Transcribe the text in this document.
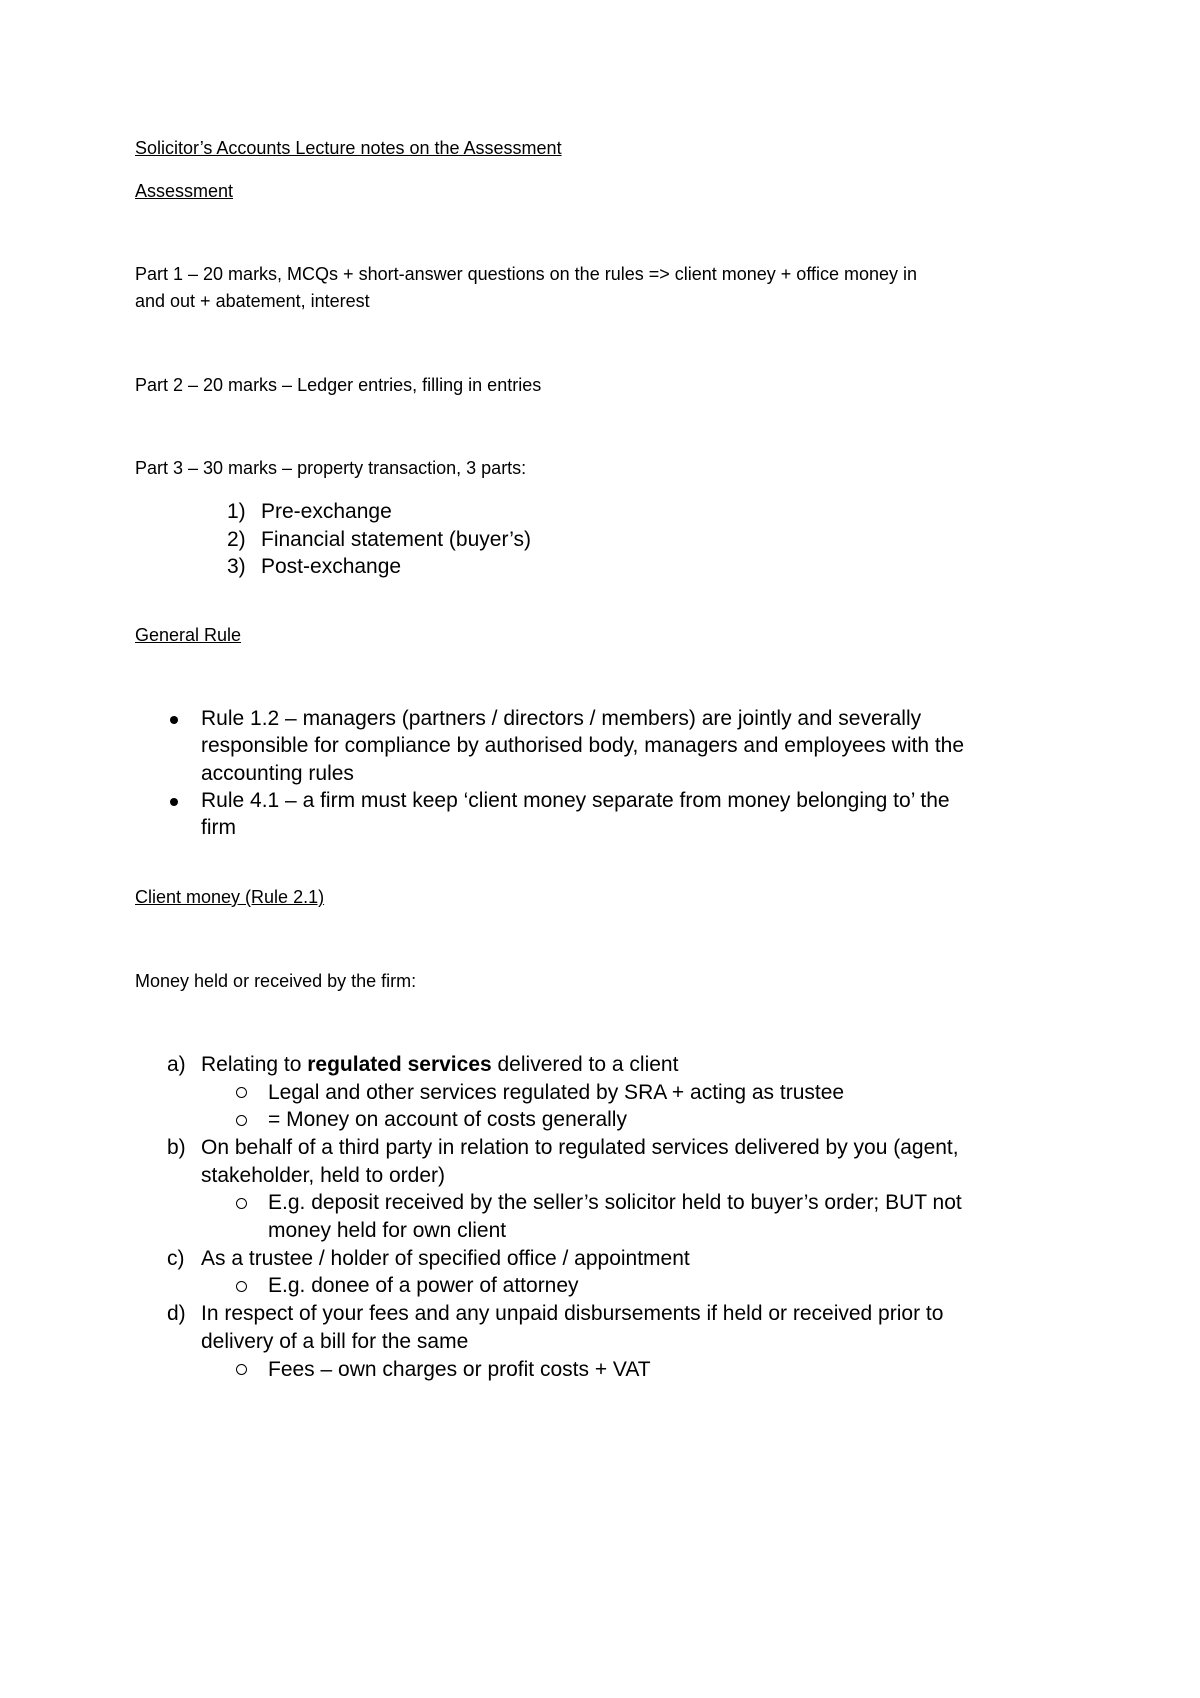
Solicitor’s Accounts Lecture notes on the Assessment
Assessment
Part 1 – 20 marks, MCQs + short-answer questions on the rules => client money + office money in
and out + abatement, interest
Part 2 – 20 marks – Ledger entries, filling in entries
Part 3 – 30 marks – property transaction, 3 parts:
1) Pre-exchange
2) Financial statement (buyer’s)
3) Post-exchange
General Rule
Rule 1.2 – managers (partners / directors / members) are jointly and severally
responsible for compliance by authorised body, managers and employees with the
accounting rules
Rule 4.1 – a firm must keep ‘client money separate from money belonging to’ the
firm
Client money (Rule 2.1)
Money held or received by the firm:
a) Relating to regulated services delivered to a client
Legal and other services regulated by SRA + acting as trustee
= Money on account of costs generally
b) On behalf of a third party in relation to regulated services delivered by you (agent,
stakeholder, held to order)
E.g. deposit received by the seller’s solicitor held to buyer’s order; BUT not
money held for own client
c) As a trustee / holder of specified office / appointment
E.g. donee of a power of attorney
d) In respect of your fees and any unpaid disbursements if held or received prior to
delivery of a bill for the same
Fees – own charges or profit costs + VAT
